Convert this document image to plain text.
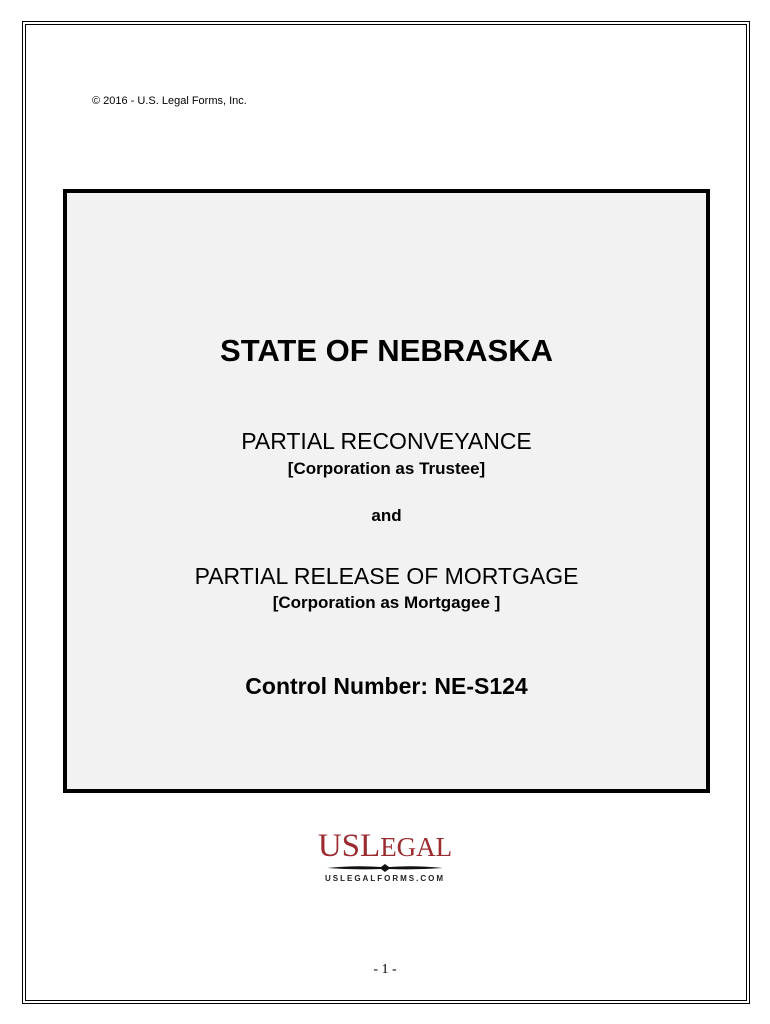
© 2016 - U.S. Legal Forms, Inc.
STATE OF NEBRASKA
PARTIAL RECONVEYANCE
[Corporation as Trustee]
and
PARTIAL RELEASE OF MORTGAGE
[Corporation as Mortgagee ]
Control Number: NE-S124
USLEGAL
USLEGALFORMS.COM
- 1 -
